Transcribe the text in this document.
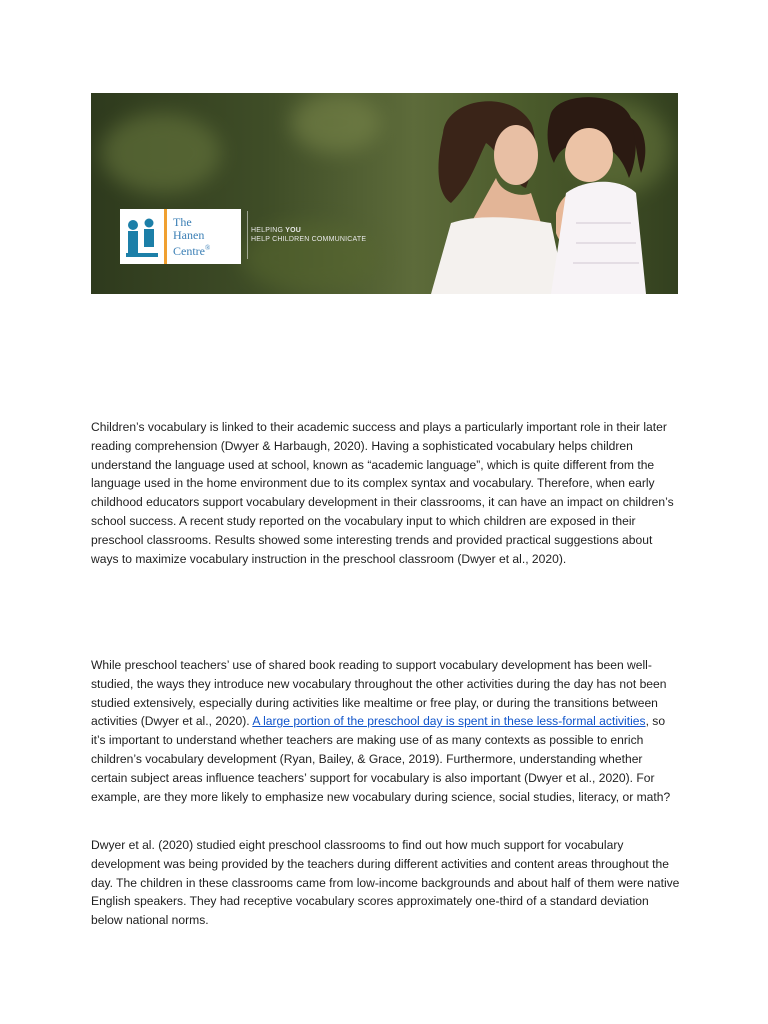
The
Hanen
Centre®
HELPING YOU
HELP CHILDREN COMMUNICATE

Children’s vocabulary is linked to their academic success and plays a particularly important role in their later reading comprehension (Dwyer & Harbaugh, 2020). Having a sophisticated vocabulary helps children understand the language used at school, known as “academic language”, which is quite different from the language used in the home environment due to its complex syntax and vocabulary. Therefore, when early childhood educators support vocabulary development in their classrooms, it can have an impact on children’s school success. A recent study reported on the vocabulary input to which children are exposed in their preschool classrooms. Results showed some interesting trends and provided practical suggestions about ways to maximize vocabulary instruction in the preschool classroom (Dwyer et al., 2020).

While preschool teachers’ use of shared book reading to support vocabulary development has been well-studied, the ways they introduce new vocabulary throughout the other activities during the day has not been studied extensively, especially during activities like mealtime or free play, or during the transitions between activities (Dwyer et al., 2020). A large portion of the preschool day is spent in these less-formal activities, so it’s important to understand whether teachers are making use of as many contexts as possible to enrich children’s vocabulary development (Ryan, Bailey, & Grace, 2019). Furthermore, understanding whether certain subject areas influence teachers’ support for vocabulary is also important (Dwyer et al., 2020). For example, are they more likely to emphasize new vocabulary during science, social studies, literacy, or math?

Dwyer et al. (2020) studied eight preschool classrooms to find out how much support for vocabulary development was being provided by the teachers during different activities and content areas throughout the day. The children in these classrooms came from low-income backgrounds and about half of them were native English speakers. They had receptive vocabulary scores approximately one-third of a standard deviation below national norms.
